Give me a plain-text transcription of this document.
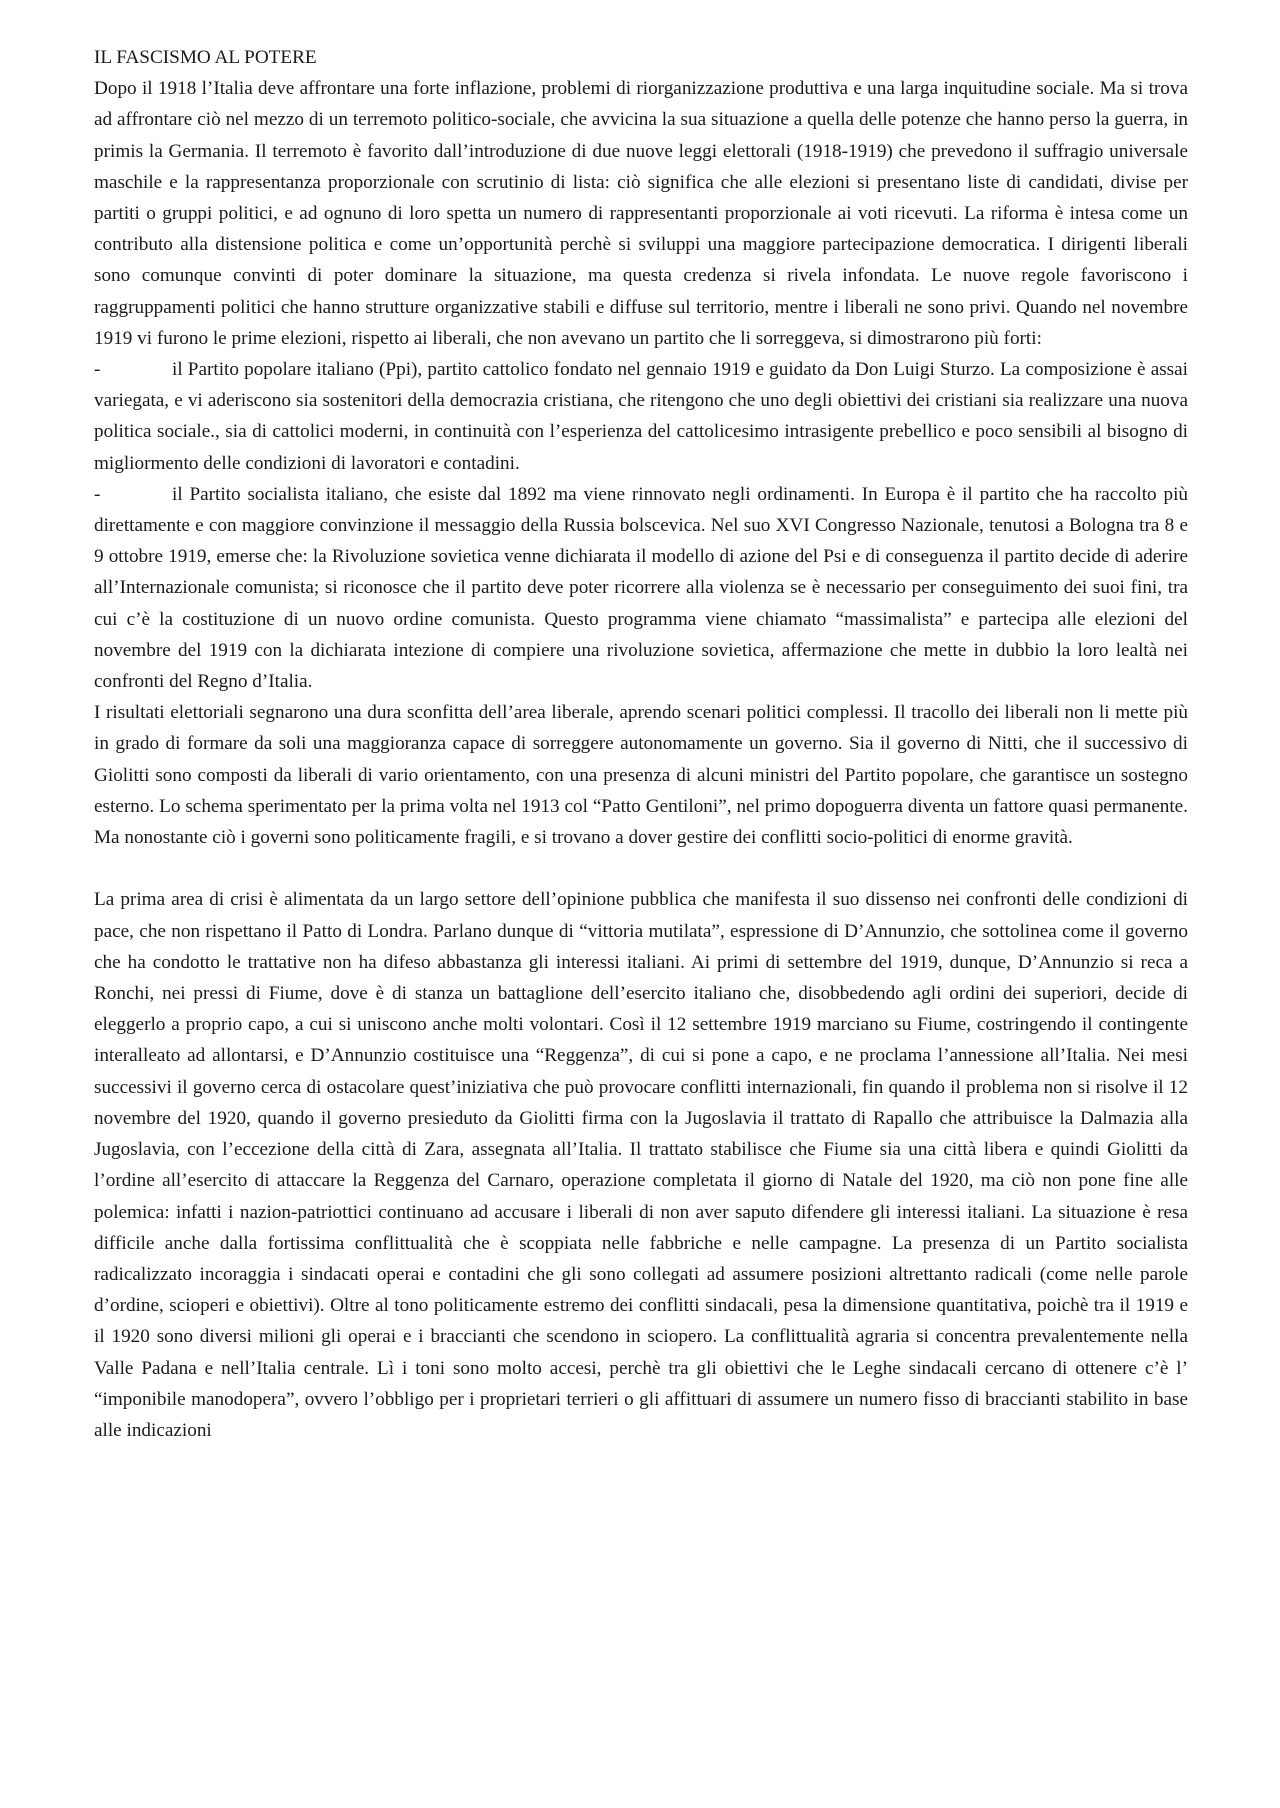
IL FASCISMO AL POTERE

Dopo il 1918 l’Italia deve affrontare una forte inflazione, problemi di riorganizzazione produttiva e una larga inquitudine sociale. Ma si trova ad affrontare ciò nel mezzo di un terremoto politico-sociale, che avvicina la sua situazione a quella delle potenze che hanno perso la guerra, in primis la Germania. Il terremoto è favorito dall’introduzione di due nuove leggi elettorali (1918-1919) che prevedono il suffragio universale maschile e la rappresentanza proporzionale con scrutinio di lista: ciò significa che alle elezioni si presentano liste di candidati, divise per partiti o gruppi politici, e ad ognuno di loro spetta un numero di rappresentanti proporzionale ai voti ricevuti. La riforma è intesa come un contributo alla distensione politica e come un’opportunità perchè si sviluppi una maggiore partecipazione democratica. I dirigenti liberali sono comunque convinti di poter dominare la situazione, ma questa credenza si rivela infondata. Le nuove regole favoriscono i raggruppamenti politici che hanno strutture organizzative stabili e diffuse sul territorio, mentre i liberali ne sono privi. Quando nel novembre 1919 vi furono le prime elezioni, rispetto ai liberali, che non avevano un partito che li sorreggeva, si dimostrarono più forti:

-	il Partito popolare italiano (Ppi), partito cattolico fondato nel gennaio 1919 e guidato da Don Luigi Sturzo. La composizione è assai variegata, e vi aderiscono sia sostenitori della democrazia cristiana, che ritengono che uno degli obiettivi dei cristiani sia realizzare una nuova politica sociale., sia di cattolici moderni, in continuità con l’esperienza del cattolicesimo intrasigente prebellico e poco sensibili al bisogno di migliormento delle condizioni di lavoratori e contadini.

-	il Partito socialista italiano, che esiste dal 1892 ma viene rinnovato negli ordinamenti. In Europa è il partito che ha raccolto più direttamente e con maggiore convinzione il messaggio della Russia bolscevica. Nel suo XVI Congresso Nazionale, tenutosi a Bologna tra 8 e 9 ottobre 1919, emerse che: la Rivoluzione sovietica venne dichiarata il modello di azione del Psi e di conseguenza il partito decide di aderire all’Internazionale comunista; si riconosce che il partito deve poter ricorrere alla violenza se è necessario per conseguimento dei suoi fini, tra cui c’è la costituzione di un nuovo ordine comunista. Questo programma viene chiamato “massimalista” e partecipa alle elezioni del novembre del 1919 con la dichiarata intezione di compiere una rivoluzione sovietica, affermazione che mette in dubbio la loro lealtà nei confronti del Regno d’Italia.

I risultati elettoriali segnarono una dura sconfitta dell’area liberale, aprendo scenari politici complessi. Il tracollo dei liberali non li mette più in grado di formare da soli una maggioranza capace di sorreggere autonomamente un governo. Sia il governo di Nitti, che il successivo di Giolitti sono composti da liberali di vario orientamento, con una presenza di alcuni ministri del Partito popolare, che garantisce un sostegno esterno. Lo schema sperimentato per la prima volta nel 1913 col “Patto Gentiloni”, nel primo dopoguerra diventa un fattore quasi permanente. Ma nonostante ciò i governi sono politicamente fragili, e si trovano a dover gestire dei conflitti socio-politici di enorme gravità.

La prima area di crisi è alimentata da un largo settore dell’opinione pubblica che manifesta il suo dissenso nei confronti delle condizioni di pace, che non rispettano il Patto di Londra. Parlano dunque di “vittoria mutilata”, espressione di D’Annunzio, che sottolinea come il governo che ha condotto le trattative non ha difeso abbastanza gli interessi italiani. Ai primi di settembre del 1919, dunque, D’Annunzio si reca a Ronchi, nei pressi di Fiume, dove è di stanza un battaglione dell’esercito italiano che, disobbedendo agli ordini dei superiori, decide di eleggerlo a proprio capo, a cui si uniscono anche molti volontari. Così il 12 settembre 1919 marciano su Fiume, costringendo il contingente interalleato ad allontarsi, e D’Annunzio costituisce una “Reggenza”, di cui si pone a capo, e ne proclama l’annessione all’Italia. Nei mesi successivi il governo cerca di ostacolare quest’iniziativa che può provocare conflitti internazionali, fin quando il problema non si risolve il 12 novembre del 1920, quando il governo presieduto da Giolitti firma con la Jugoslavia il trattato di Rapallo che attribuisce la Dalmazia alla Jugoslavia, con l’eccezione della città di Zara, assegnata all’Italia. Il trattato stabilisce che Fiume sia una città libera e quindi Giolitti da l’ordine all’esercito di attaccare la Reggenza del Carnaro, operazione completata il giorno di Natale del 1920, ma ciò non pone fine alle polemica: infatti i nazion-patriottici continuano ad accusare i liberali di non aver saputo difendere gli interessi italiani. La situazione è resa difficile anche dalla fortissima conflittualità che è scoppiata nelle fabbriche e nelle campagne. La presenza di un Partito socialista radicalizzato incoraggia i sindacati operai e contadini che gli sono collegati ad assumere posizioni altrettanto radicali (come nelle parole d’ordine, scioperi e obiettivi). Oltre al tono politicamente estremo dei conflitti sindacali, pesa la dimensione quantitativa, poichè tra il 1919 e il 1920 sono diversi milioni gli operai e i braccianti che scendono in sciopero. La conflittualità agraria si concentra prevalentemente nella Valle Padana e nell’Italia centrale. Lì i toni sono molto accesi, perchè tra gli obiettivi che le Leghe sindacali cercano di ottenere c’è l’ “imponibile manodopera”, ovvero l’obbligo per i proprietari terrieri o gli affittuari di assumere un numero fisso di braccianti stabilito in base alle indicazioni
